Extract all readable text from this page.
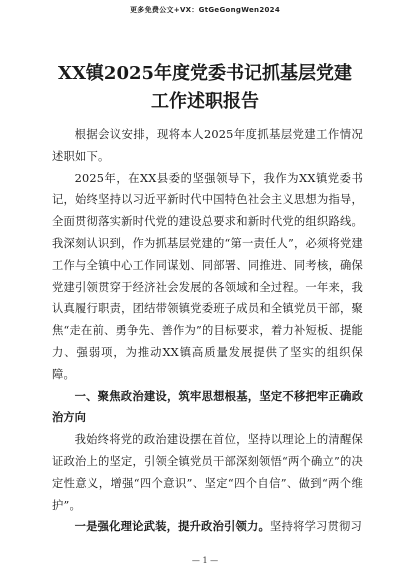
更多免费公文+VX：GtGeGongWen2024
XX镇2025年度党委书记抓基层党建工作述职报告

根据会议安排，现将本人2025年度抓基层党建工作情况述职如下。

2025年，在XX县委的坚强领导下，我作为XX镇党委书记，始终坚持以习近平新时代中国特色社会主义思想为指导，全面贯彻落实新时代党的建设总要求和新时代党的组织路线。我深刻认识到，作为抓基层党建的“第一责任人”，必须将党建工作与全镇中心工作同谋划、同部署、同推进、同考核，确保党建引领贯穿于经济社会发展的各领域和全过程。一年来，我认真履行职责，团结带领镇党委班子成员和全镇党员干部，聚焦“走在前、勇争先、善作为”的目标要求，着力补短板、提能力、强弱项，为推动XX镇高质量发展提供了坚实的组织保障。

一、聚焦政治建设，筑牢思想根基，坚定不移把牢正确政治方向

我始终将党的政治建设摆在首位，坚持以理论上的清醒保证政治上的坚定，引领全镇党员干部深刻领悟“两个确立”的决定性意义，增强“四个意识”、坚定“四个自信”、做到“两个维护”。

一是强化理论武装，提升政治引领力。坚持将学习贯彻习

— 1 —
